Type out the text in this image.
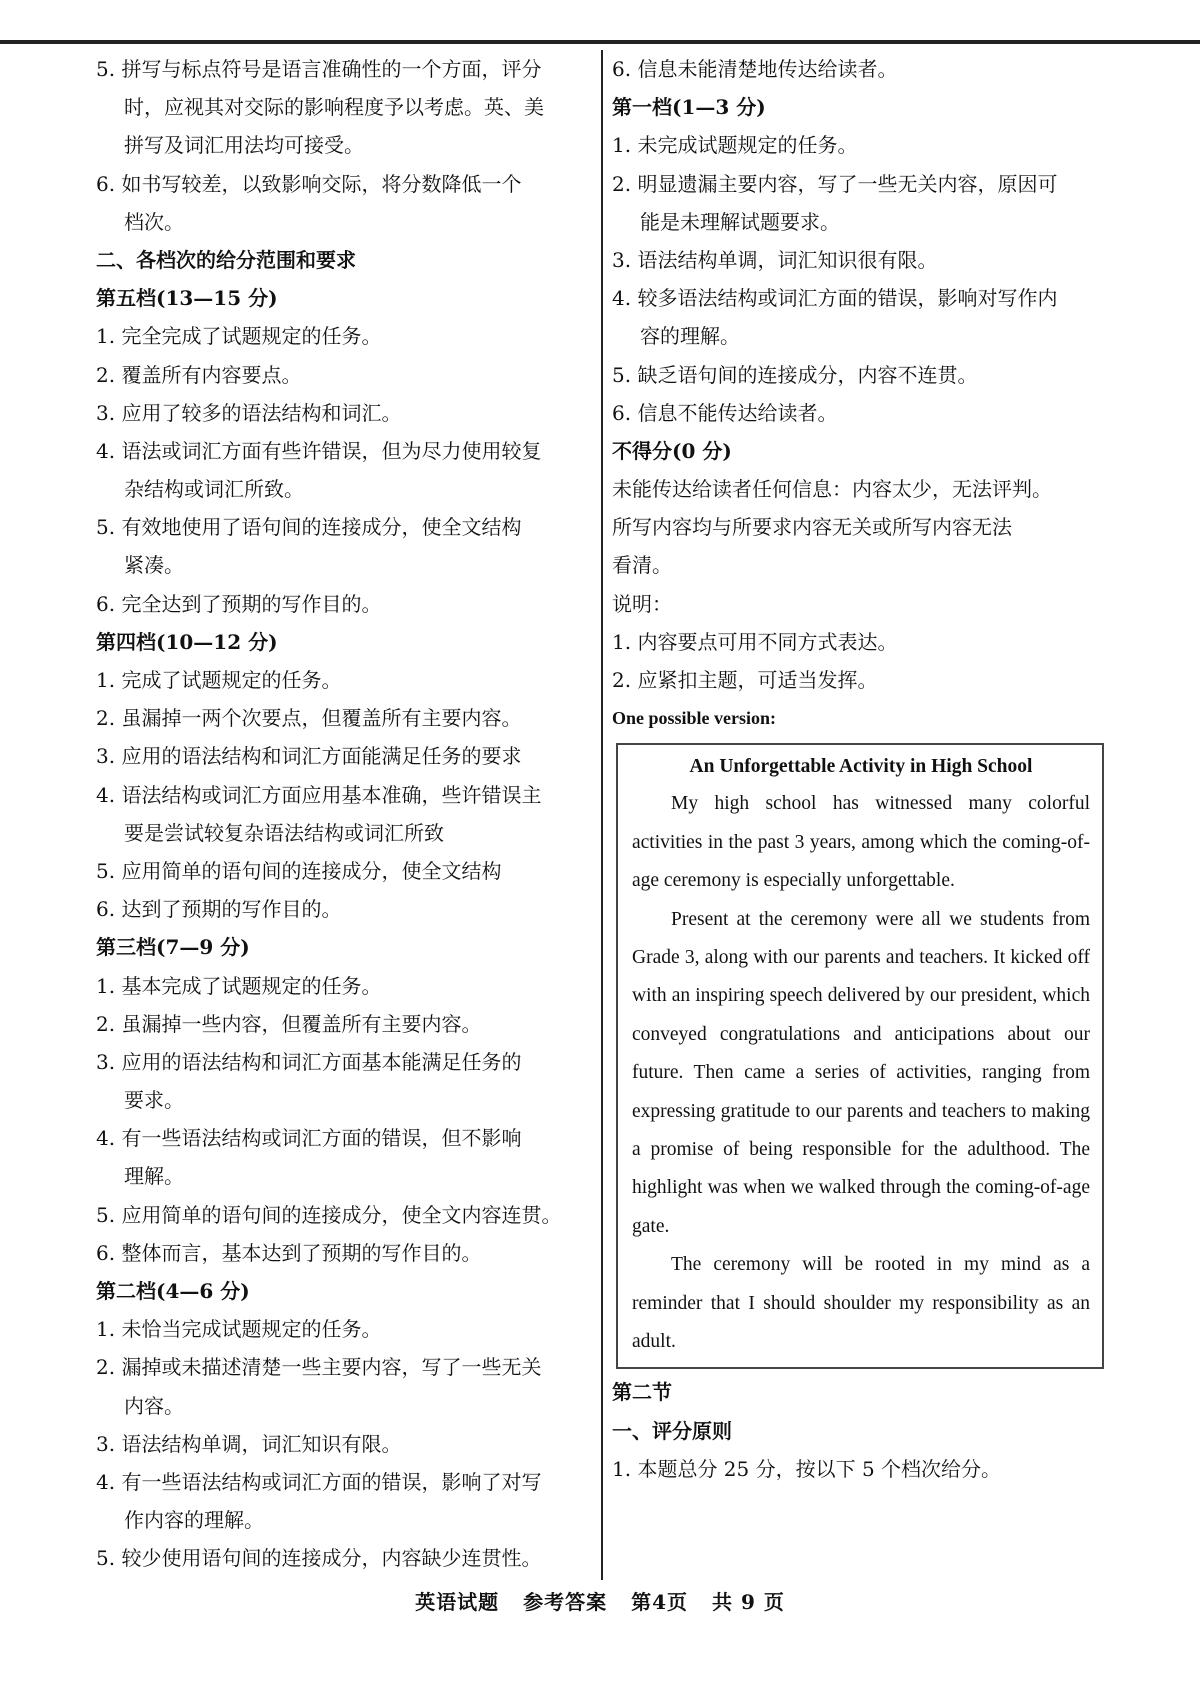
5. 拼写与标点符号是语言准确性的一个方面，评分
时，应视其对交际的影响程度予以考虑。英、美
拼写及词汇用法均可接受。
6. 如书写较差，以致影响交际，将分数降低一个
档次。
二、各档次的给分范围和要求
第五档(13—15 分)
1. 完全完成了试题规定的任务。
2. 覆盖所有内容要点。
3. 应用了较多的语法结构和词汇。
4. 语法或词汇方面有些许错误，但为尽力使用较复
杂结构或词汇所致。
5. 有效地使用了语句间的连接成分，使全文结构
紧凑。
6. 完全达到了预期的写作目的。
第四档(10—12 分)
1. 完成了试题规定的任务。
2. 虽漏掉一两个次要点，但覆盖所有主要内容。
3. 应用的语法结构和词汇方面能满足任务的要求
4. 语法结构或词汇方面应用基本准确，些许错误主
要是尝试较复杂语法结构或词汇所致
5. 应用简单的语句间的连接成分，使全文结构
6. 达到了预期的写作目的。
第三档(7—9 分)
1. 基本完成了试题规定的任务。
2. 虽漏掉一些内容，但覆盖所有主要内容。
3. 应用的语法结构和词汇方面基本能满足任务的
要求。
4. 有一些语法结构或词汇方面的错误，但不影响
理解。
5. 应用简单的语句间的连接成分，使全文内容连贯。
6. 整体而言，基本达到了预期的写作目的。
第二档(4—6 分)
1. 未恰当完成试题规定的任务。
2. 漏掉或未描述清楚一些主要内容，写了一些无关
内容。
3. 语法结构单调，词汇知识有限。
4. 有一些语法结构或词汇方面的错误，影响了对写
作内容的理解。
5. 较少使用语句间的连接成分，内容缺少连贯性。
6. 信息未能清楚地传达给读者。
第一档(1—3 分)
1. 未完成试题规定的任务。
2. 明显遗漏主要内容，写了一些无关内容，原因可
能是未理解试题要求。
3. 语法结构单调，词汇知识很有限。
4. 较多语法结构或词汇方面的错误，影响对写作内
容的理解。
5. 缺乏语句间的连接成分，内容不连贯。
6. 信息不能传达给读者。
不得分(0 分)
未能传达给读者任何信息：内容太少，无法评判。
所写内容均与所要求内容无关或所写内容无法
看清。
说明：
1. 内容要点可用不同方式表达。
2. 应紧扣主题，可适当发挥。
One possible version:
An Unforgettable Activity in High School

My high school has witnessed many colorful activities in the past 3 years, among which the coming-of-age ceremony is especially unforgettable.

Present at the ceremony were all we students from Grade 3, along with our parents and teachers. It kicked off with an inspiring speech delivered by our president, which conveyed congratulations and anticipations about our future. Then came a series of activities, ranging from expressing gratitude to our parents and teachers to making a promise of being responsible for the adulthood. The highlight was when we walked through the coming-of-age gate.

The ceremony will be rooted in my mind as a reminder that I should shoulder my responsibility as an adult.

第二节
一、评分原则
1. 本题总分 25 分，按以下 5 个档次给分。
英语试题 参考答案 第4页 共 9 页
